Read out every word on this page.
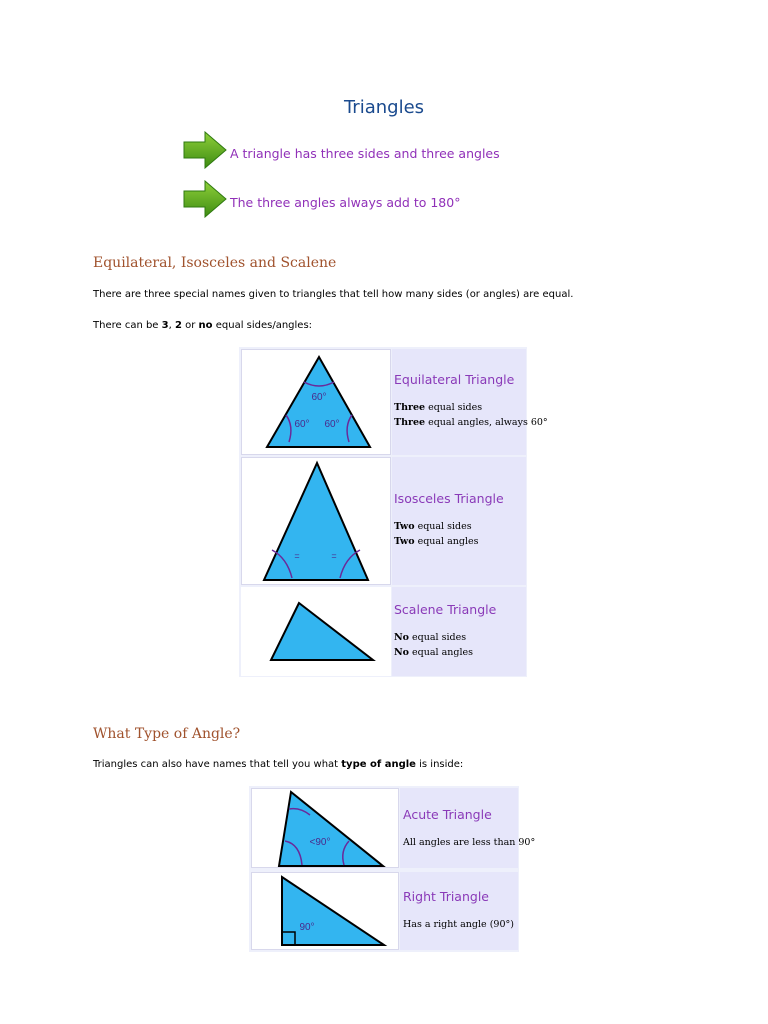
Triangles
A triangle has three sides and three angles
The three angles always add to 180°
Equilateral, Isosceles and Scalene
There are three special names given to triangles that tell how many sides (or angles) are equal.
There can be 3, 2 or no equal sides/angles:
60°
60° 60°
Equilateral Triangle
Three equal sides
Three equal angles, always 60°
=	=
Isosceles Triangle
Two equal sides
Two equal angles
Scalene Triangle
No equal sides
No equal angles
What Type of Angle?
Triangles can also have names that tell you what type of angle is inside:
<90°
Acute Triangle
All angles are less than 90°
90°
Right Triangle
Has a right angle (90°)
